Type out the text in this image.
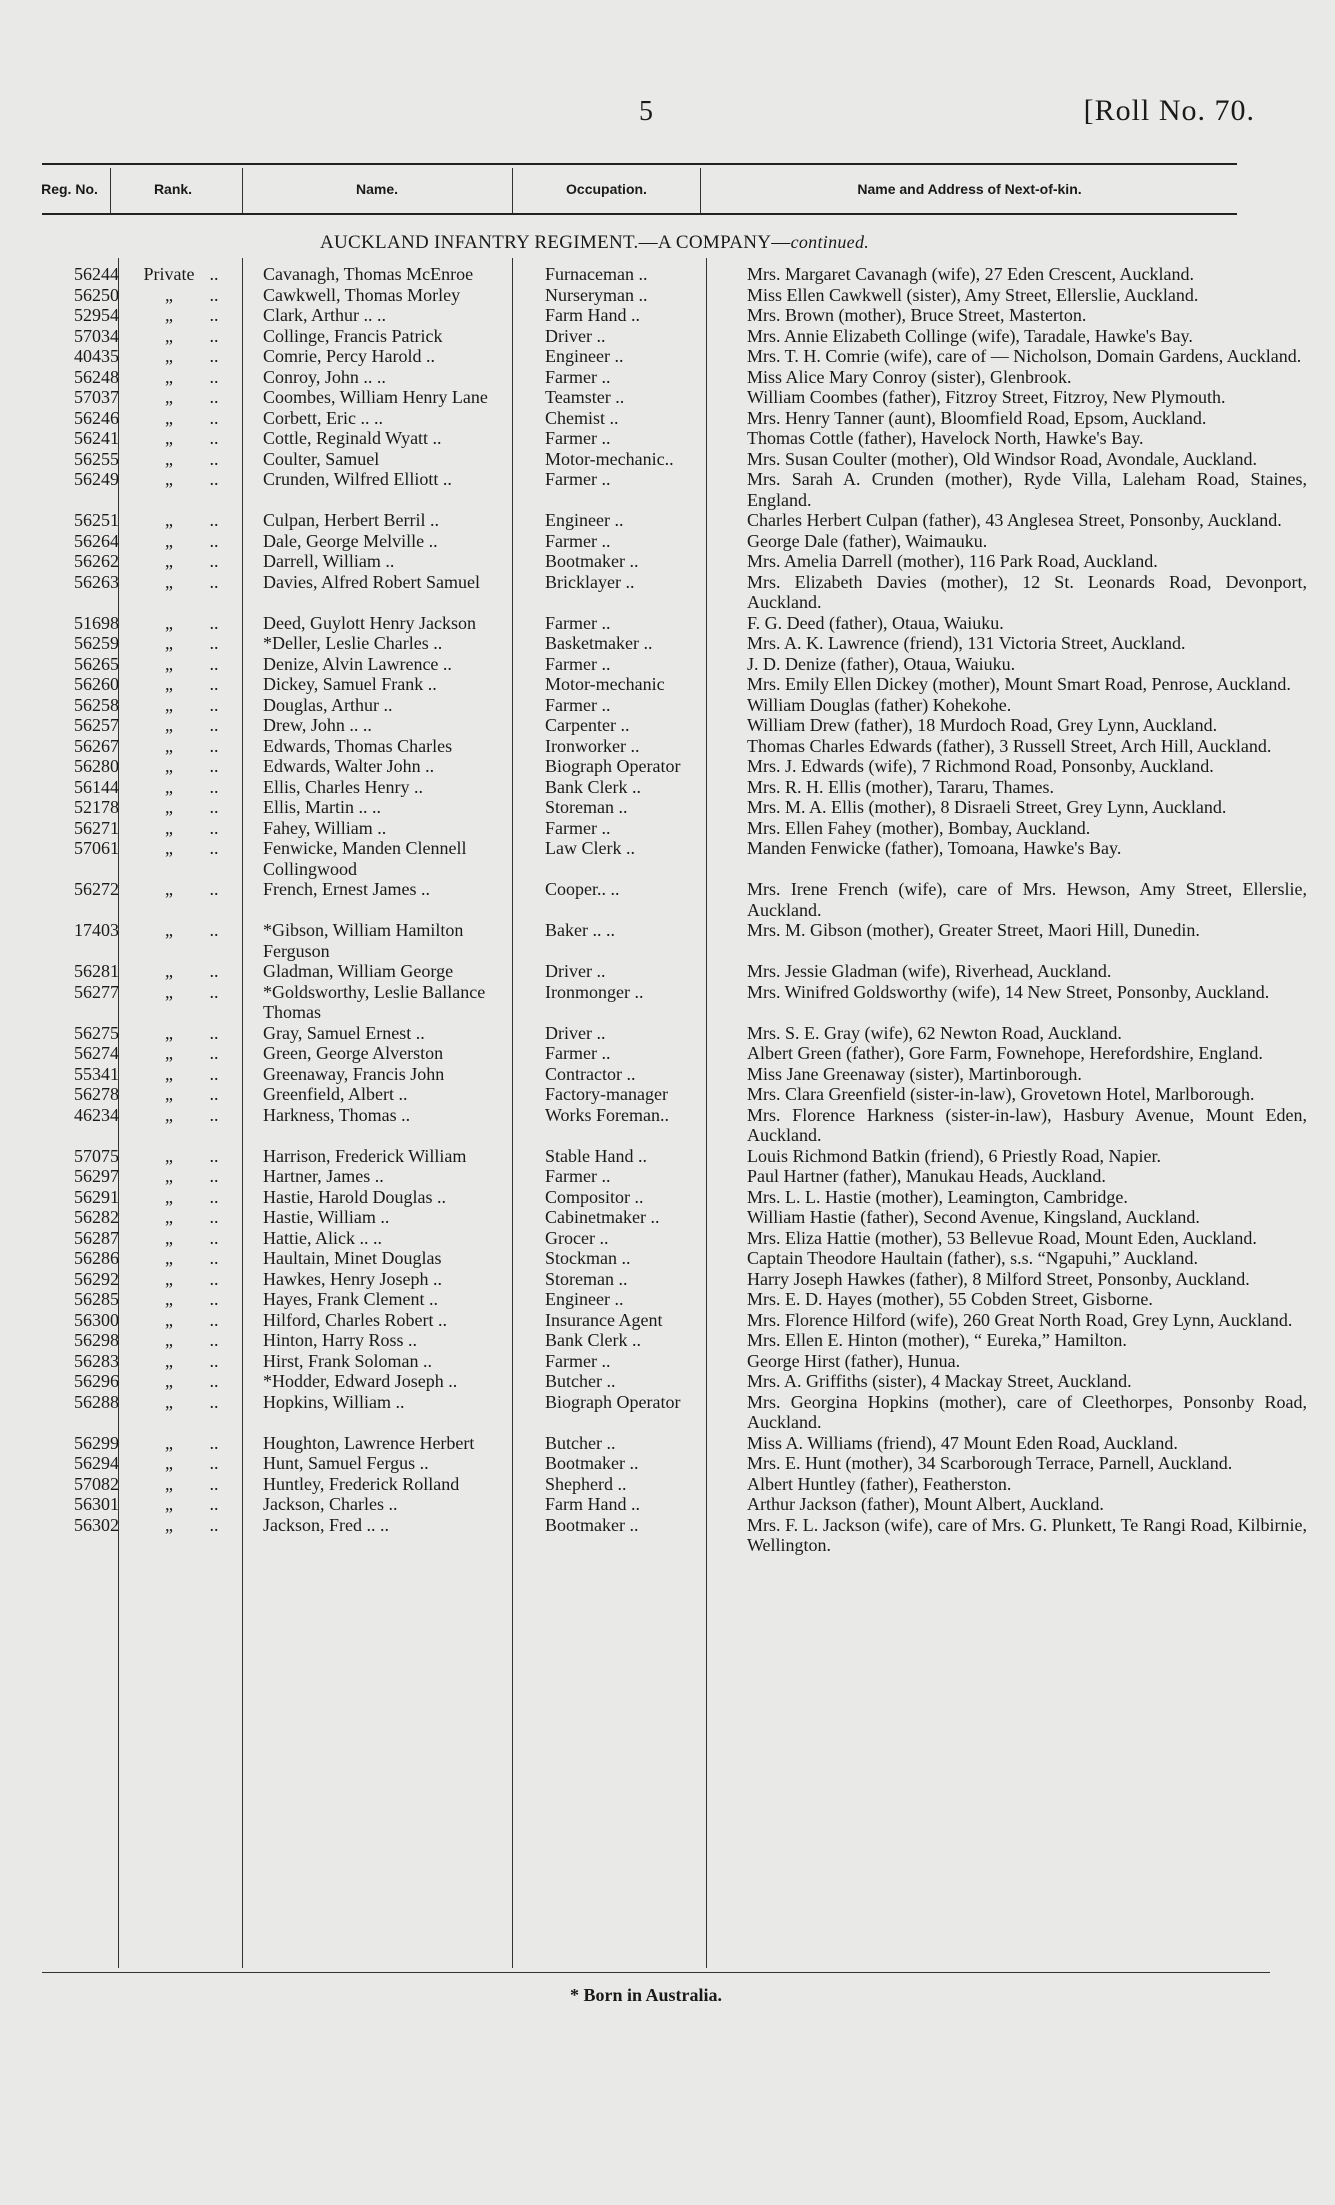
5	[Roll No. 70.
Reg. No.	Rank.	Name.	Occupation.	Name and Address of Next-of-kin.
AUCKLAND INFANTRY REGIMENT.—A COMPANY—continued.
56244	Private ..	Cavanagh, Thomas McEnroe	Furnaceman ..	Mrs. Margaret Cavanagh (wife), 27 Eden Crescent, Auckland.
56250	„ ..	Cawkwell, Thomas Morley	Nurseryman ..	Miss Ellen Cawkwell (sister), Amy Street, Ellerslie, Auckland.
52954	„ ..	Clark, Arthur .. ..	Farm Hand ..	Mrs. Brown (mother), Bruce Street, Masterton.
57034	„ ..	Collinge, Francis Patrick	Driver ..	Mrs. Annie Elizabeth Collinge (wife), Taradale, Hawke's Bay.
40435	„ ..	Comrie, Percy Harold ..	Engineer ..	Mrs. T. H. Comrie (wife), care of — Nicholson, Domain Gardens, Auckland.
56248	„ ..	Conroy, John .. ..	Farmer ..	Miss Alice Mary Conroy (sister), Glenbrook.
57037	„ ..	Coombes, William Henry Lane	Teamster ..	William Coombes (father), Fitzroy Street, Fitzroy, New Plymouth.
56246	„ ..	Corbett, Eric .. ..	Chemist ..	Mrs. Henry Tanner (aunt), Bloomfield Road, Epsom, Auckland.
56241	„ ..	Cottle, Reginald Wyatt ..	Farmer ..	Thomas Cottle (father), Havelock North, Hawke's Bay.
56255	„ ..	Coulter, Samuel	Motor-mechanic..	Mrs. Susan Coulter (mother), Old Windsor Road, Avondale, Auckland.
56249	„ ..	Crunden, Wilfred Elliott ..	Farmer ..	Mrs. Sarah A. Crunden (mother), Ryde Villa, Laleham Road, Staines, England.
56251	„ ..	Culpan, Herbert Berril ..	Engineer ..	Charles Herbert Culpan (father), 43 Anglesea Street, Ponsonby, Auckland.
56264	„ ..	Dale, George Melville ..	Farmer ..	George Dale (father), Waimauku.
56262	„ ..	Darrell, William ..	Bootmaker ..	Mrs. Amelia Darrell (mother), 116 Park Road, Auckland.
56263	„ ..	Davies, Alfred Robert Samuel	Bricklayer ..	Mrs. Elizabeth Davies (mother), 12 St. Leonards Road, Devonport, Auckland.
51698	„ ..	Deed, Guylott Henry Jackson	Farmer ..	F. G. Deed (father), Otaua, Waiuku.
56259	„ ..	*Deller, Leslie Charles ..	Basketmaker ..	Mrs. A. K. Lawrence (friend), 131 Victoria Street, Auckland.
56265	„ ..	Denize, Alvin Lawrence ..	Farmer ..	J. D. Denize (father), Otaua, Waiuku.
56260	„ ..	Dickey, Samuel Frank ..	Motor-mechanic	Mrs. Emily Ellen Dickey (mother), Mount Smart Road, Penrose, Auckland.
56258	„ ..	Douglas, Arthur ..	Farmer ..	William Douglas (father) Kohekohe.
56257	„ ..	Drew, John .. ..	Carpenter ..	William Drew (father), 18 Murdoch Road, Grey Lynn, Auckland.
56267	„ ..	Edwards, Thomas Charles	Ironworker ..	Thomas Charles Edwards (father), 3 Russell Street, Arch Hill, Auckland.
56280	„ ..	Edwards, Walter John ..	Biograph Operator	Mrs. J. Edwards (wife), 7 Richmond Road, Ponsonby, Auckland.
56144	„ ..	Ellis, Charles Henry ..	Bank Clerk ..	Mrs. R. H. Ellis (mother), Tararu, Thames.
52178	„ ..	Ellis, Martin .. ..	Storeman ..	Mrs. M. A. Ellis (mother), 8 Disraeli Street, Grey Lynn, Auckland.
56271	„ ..	Fahey, William ..	Farmer ..	Mrs. Ellen Fahey (mother), Bombay, Auckland.
57061	„ ..	Fenwicke, Manden Clennell Collingwood	Law Clerk ..	Manden Fenwicke (father), Tomoana, Hawke's Bay.
56272	„ ..	French, Ernest James ..	Cooper.. ..	Mrs. Irene French (wife), care of Mrs. Hewson, Amy Street, Ellerslie, Auckland.
17403	„ ..	*Gibson, William Hamilton Ferguson	Baker .. ..	Mrs. M. Gibson (mother), Greater Street, Maori Hill, Dunedin.
56281	„ ..	Gladman, William George	Driver ..	Mrs. Jessie Gladman (wife), Riverhead, Auckland.
56277	„ ..	*Goldsworthy, Leslie Ballance Thomas	Ironmonger ..	Mrs. Winifred Goldsworthy (wife), 14 New Street, Ponsonby, Auckland.
56275	„ ..	Gray, Samuel Ernest ..	Driver ..	Mrs. S. E. Gray (wife), 62 Newton Road, Auckland.
56274	„ ..	Green, George Alverston	Farmer ..	Albert Green (father), Gore Farm, Fownehope, Herefordshire, England.
55341	„ ..	Greenaway, Francis John	Contractor ..	Miss Jane Greenaway (sister), Martinborough.
56278	„ ..	Greenfield, Albert ..	Factory-manager	Mrs. Clara Greenfield (sister-in-law), Grovetown Hotel, Marlborough.
46234	„ ..	Harkness, Thomas ..	Works Foreman..	Mrs. Florence Harkness (sister-in-law), Hasbury Avenue, Mount Eden, Auckland.
57075	„ ..	Harrison, Frederick William	Stable Hand ..	Louis Richmond Batkin (friend), 6 Priestly Road, Napier.
56297	„ ..	Hartner, James ..	Farmer ..	Paul Hartner (father), Manukau Heads, Auckland.
56291	„ ..	Hastie, Harold Douglas ..	Compositor ..	Mrs. L. L. Hastie (mother), Leamington, Cambridge.
56282	„ ..	Hastie, William ..	Cabinetmaker ..	William Hastie (father), Second Avenue, Kingsland, Auckland.
56287	„ ..	Hattie, Alick .. ..	Grocer ..	Mrs. Eliza Hattie (mother), 53 Bellevue Road, Mount Eden, Auckland.
56286	„ ..	Haultain, Minet Douglas	Stockman ..	Captain Theodore Haultain (father), s.s. “Ngapuhi,” Auckland.
56292	„ ..	Hawkes, Henry Joseph ..	Storeman ..	Harry Joseph Hawkes (father), 8 Milford Street, Ponsonby, Auckland.
56285	„ ..	Hayes, Frank Clement ..	Engineer ..	Mrs. E. D. Hayes (mother), 55 Cobden Street, Gisborne.
56300	„ ..	Hilford, Charles Robert ..	Insurance Agent	Mrs. Florence Hilford (wife), 260 Great North Road, Grey Lynn, Auckland.
56298	„ ..	Hinton, Harry Ross ..	Bank Clerk ..	Mrs. Ellen E. Hinton (mother), “ Eureka,” Hamilton.
56283	„ ..	Hirst, Frank Soloman ..	Farmer ..	George Hirst (father), Hunua.
56296	„ ..	*Hodder, Edward Joseph ..	Butcher ..	Mrs. A. Griffiths (sister), 4 Mackay Street, Auckland.
56288	„ ..	Hopkins, William ..	Biograph Operator	Mrs. Georgina Hopkins (mother), care of Cleethorpes, Ponsonby Road, Auckland.
56299	„ ..	Houghton, Lawrence Herbert	Butcher ..	Miss A. Williams (friend), 47 Mount Eden Road, Auckland.
56294	„ ..	Hunt, Samuel Fergus ..	Bootmaker ..	Mrs. E. Hunt (mother), 34 Scarborough Terrace, Parnell, Auckland.
57082	„ ..	Huntley, Frederick Rolland	Shepherd ..	Albert Huntley (father), Featherston.
56301	„ ..	Jackson, Charles ..	Farm Hand ..	Arthur Jackson (father), Mount Albert, Auckland.
56302	„ ..	Jackson, Fred .. ..	Bootmaker ..	Mrs. F. L. Jackson (wife), care of Mrs. G. Plunkett, Te Rangi Road, Kilbirnie, Wellington.
* Born in Australia.
